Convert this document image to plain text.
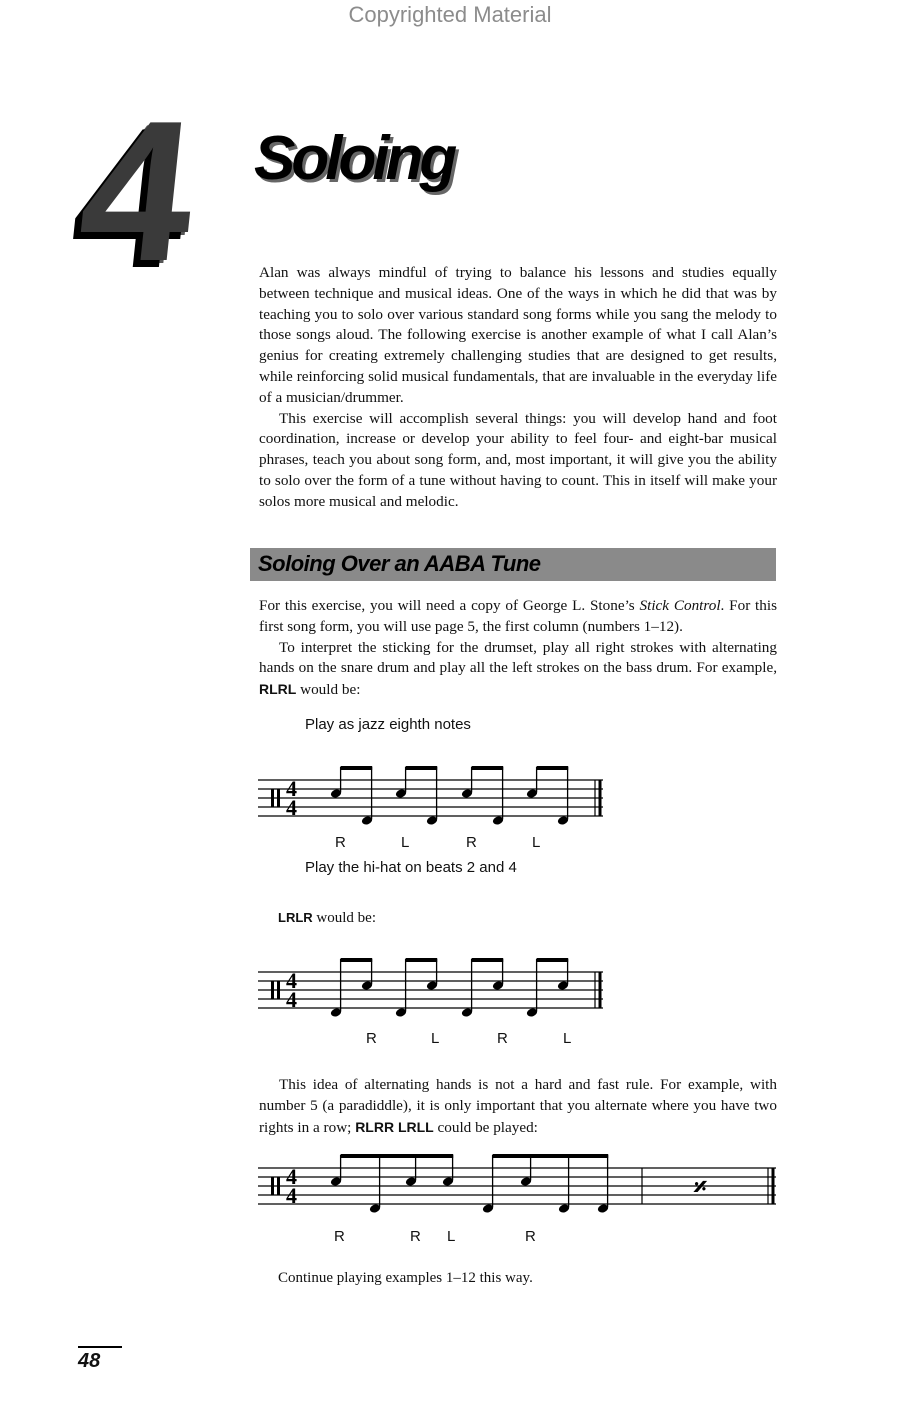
Copyrighted Material
4 Soloing

Alan was always mindful of trying to balance his lessons and studies equally between technique and musical ideas. One of the ways in which he did that was by teaching you to solo over various standard song forms while you sang the melody to those songs aloud. The following exercise is another example of what I call Alan’s genius for creating extremely challenging studies that are designed to get results, while reinforcing solid musical fundamentals, that are invaluable in the everyday life of a musician/drummer.

This exercise will accomplish several things: you will develop hand and foot coordination, increase or develop your ability to feel four- and eight-bar musical phrases, teach you about song form, and, most important, it will give you the ability to solo over the form of a tune without having to count. This in itself will make your solos more musical and melodic.

Soloing Over an AABA Tune

For this exercise, you will need a copy of George L. Stone’s Stick Control. For this first song form, you will use page 5, the first column (numbers 1–12).

To interpret the sticking for the drumset, play all right strokes with alternating hands on the snare drum and play all the left strokes on the bass drum. For example, RLRL would be:

Play as jazz eighth notes
4
4
R	L	R	L
Play the hi-hat on beats 2 and 4
LRLR would be:
4
4
R	L	R	L

This idea of alternating hands is not a hard and fast rule. For example, with number 5 (a paradiddle), it is only important that you alternate where you have two rights in a row; RLRR LRLL could be played:

4
4	𝄎
R	R L	R
Continue playing examples 1–12 this way.
48
